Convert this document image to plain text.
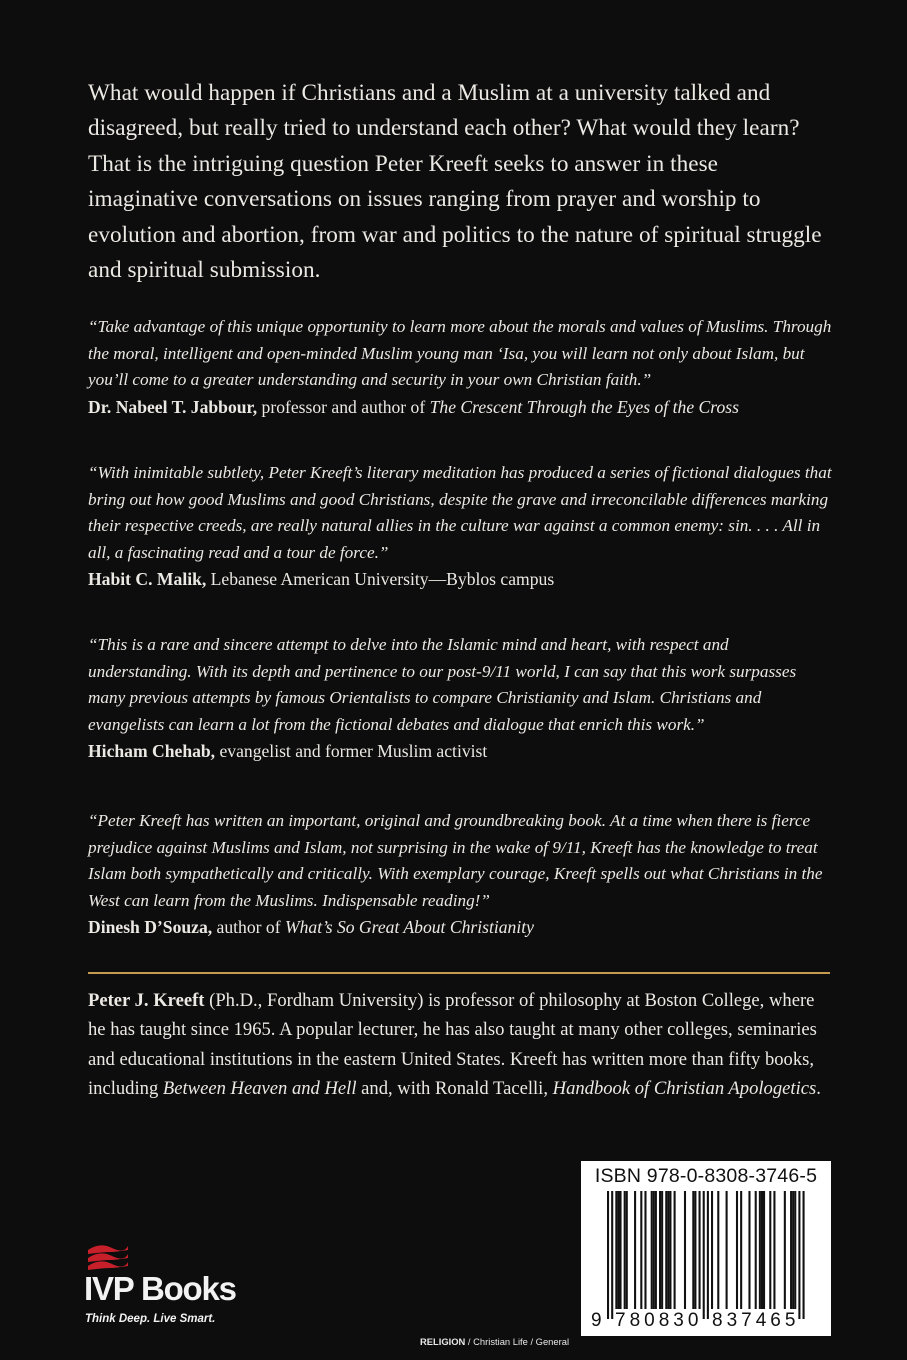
What would happen if Christians and a Muslim at a university talked and disagreed, but really tried to understand each other? What would they learn? That is the intriguing question Peter Kreeft seeks to answer in these imaginative conversations on issues ranging from prayer and worship to evolution and abortion, from war and politics to the nature of spiritual struggle and spiritual submission.

“Take advantage of this unique opportunity to learn more about the morals and values of Muslims. Through the moral, intelligent and open-minded Muslim young man ‘Isa, you will learn not only about Islam, but you’ll come to a greater understanding and security in your own Christian faith.”

Dr. Nabeel T. Jabbour, professor and author of The Crescent Through the Eyes of the Cross

“With inimitable subtlety, Peter Kreeft’s literary meditation has produced a series of fictional dialogues that bring out how good Muslims and good Christians, despite the grave and irreconcilable differences marking their respective creeds, are really natural allies in the culture war against a common enemy: sin. . . . All in all, a fascinating read and a tour de force.”

Habit C. Malik, Lebanese American University—Byblos campus

“This is a rare and sincere attempt to delve into the Islamic mind and heart, with respect and understanding. With its depth and pertinence to our post-9/11 world, I can say that this work surpasses many previous attempts by famous Orientalists to compare Christianity and Islam. Christians and evangelists can learn a lot from the fictional debates and dialogue that enrich this work.”

Hicham Chehab, evangelist and former Muslim activist

“Peter Kreeft has written an important, original and groundbreaking book. At a time when there is fierce prejudice against Muslims and Islam, not surprising in the wake of 9/11, Kreeft has the knowledge to treat Islam both sympathetically and critically. With exemplary courage, Kreeft spells out what Christians in the West can learn from the Muslims. Indispensable reading!”

Dinesh D’Souza, author of What’s So Great About Christianity

Peter J. Kreeft (Ph.D., Fordham University) is professor of philosophy at Boston College, where he has taught since 1965. A popular lecturer, he has also taught at many other colleges, seminaries and educational institutions in the eastern United States. Kreeft has written more than fifty books, including Between Heaven and Hell and, with Ronald Tacelli, Handbook of Christian Apologetics.

IVP Books
Think Deep. Live Smart.
RELIGION / Christian Life / General
ISBN 978-0-8308-3746-5
9 780830 837465
